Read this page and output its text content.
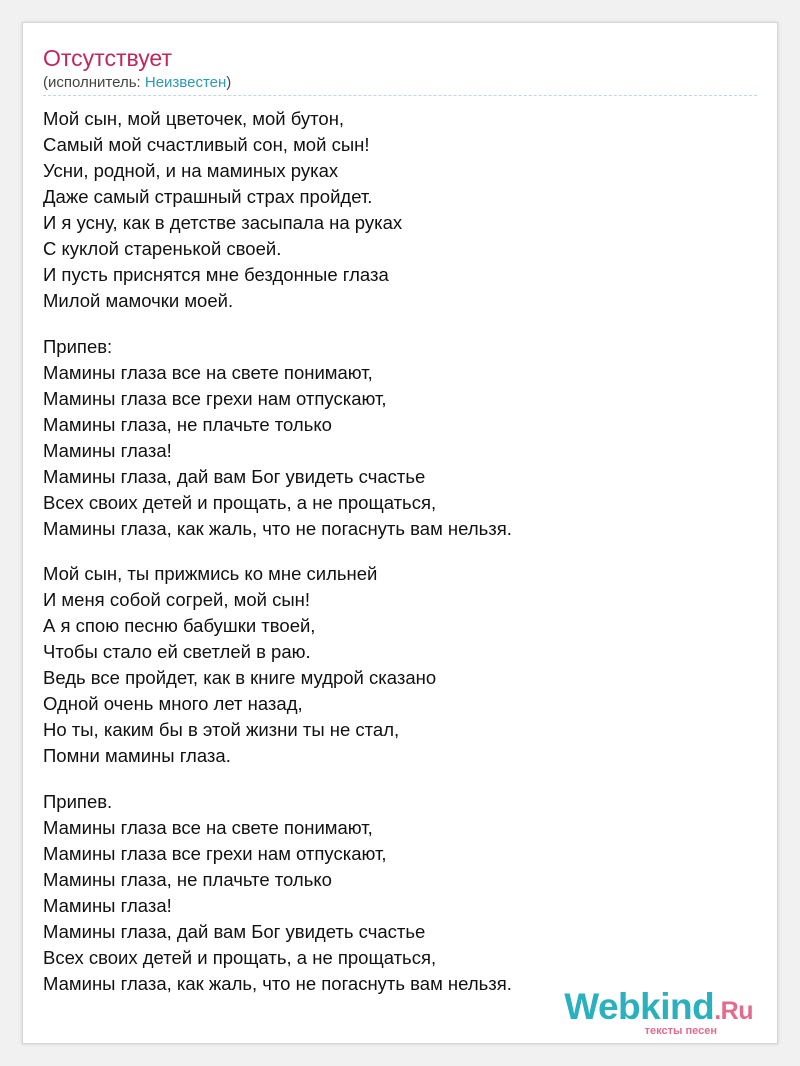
Отсутствует
(исполнитель: Неизвестен)
Мой сын, мой цветочек, мой бутон,
Самый мой счастливый сон, мой сын!
Усни, родной, и на маминых руках
Даже самый страшный страх пройдет.
И я усну, как в детстве засыпала на руках
С куклой старенькой своей.
И пусть приснятся мне бездонные глаза
Милой мамочки моей.
Припев:
Мамины глаза все на свете понимают,
Мамины глаза все грехи нам отпускают,
Мамины глаза, не плачьте только
Мамины глаза!
Мамины глаза, дай вам Бог увидеть счастье
Всех своих детей и прощать, а не прощаться,
Мамины глаза, как жаль, что не погаснуть вам нельзя.
Мой сын, ты прижмись ко мне сильней
И меня собой согрей, мой сын!
А я спою песню бабушки твоей,
Чтобы стало ей светлей в раю.
Ведь все пройдет, как в книге мудрой сказано
Одной очень много лет назад,
Но ты, каким бы в этой жизни ты не стал,
Помни мамины глаза.
Припев.
Мамины глаза все на свете понимают,
Мамины глаза все грехи нам отпускают,
Мамины глаза, не плачьте только
Мамины глаза!
Мамины глаза, дай вам Бог увидеть счастье
Всех своих детей и прощать, а не прощаться,
Мамины глаза, как жаль, что не погаснуть вам нельзя.
Webkind.Ru
тексты песен
